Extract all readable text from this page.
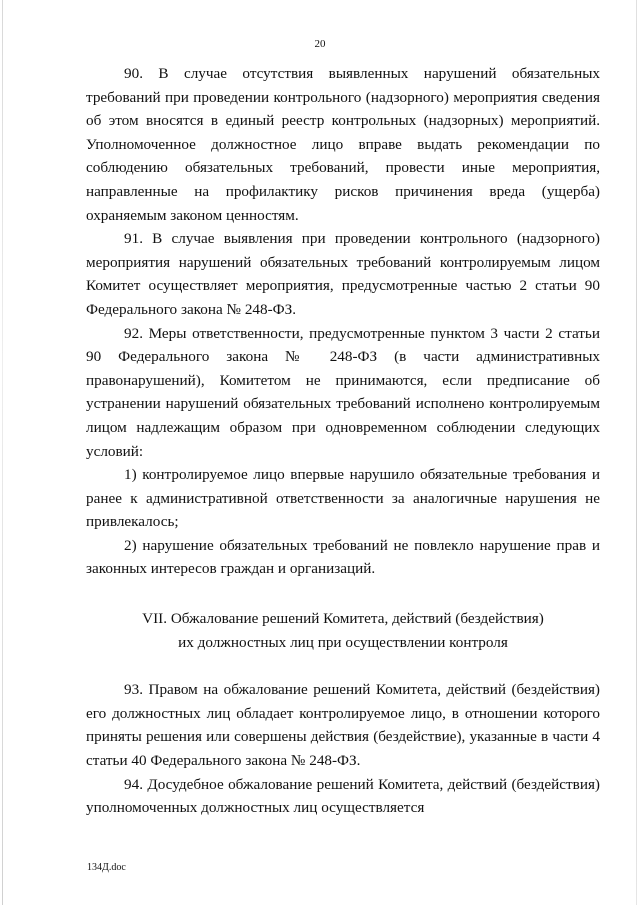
20

90. В случае отсутствия выявленных нарушений обязательных требований при проведении контрольного (надзорного) мероприятия сведения об этом вносятся в единый реестр контрольных (надзорных) мероприятий. Уполномоченное должностное лицо вправе выдать рекомендации по соблюдению обязательных требований, провести иные мероприятия, направленные на профилактику рисков причинения вреда (ущерба) охраняемым законом ценностям.

91. В случае выявления при проведении контрольного (надзорного) мероприятия нарушений обязательных требований контролируемым лицом Комитет осуществляет мероприятия, предусмотренные частью 2 статьи 90 Федерального закона № 248-ФЗ.

92. Меры ответственности, предусмотренные пунктом 3 части 2 статьи 90 Федерального закона № 248-ФЗ (в части административных правонарушений), Комитетом не принимаются, если предписание об устранении нарушений обязательных требований исполнено контролируемым лицом надлежащим образом при одновременном соблюдении следующих условий:

1) контролируемое лицо впервые нарушило обязательные требования и ранее к административной ответственности за аналогичные нарушения не привлекалось;

2) нарушение обязательных требований не повлекло нарушение прав и законных интересов граждан и организаций.

VII. Обжалование решений Комитета, действий (бездействия)
их должностных лиц при осуществлении контроля

93. Правом на обжалование решений Комитета, действий (бездействия) его должностных лиц обладает контролируемое лицо, в отношении которого приняты решения или совершены действия (бездействие), указанные в части 4 статьи 40 Федерального закона № 248-ФЗ.

94. Досудебное обжалование решений Комитета, действий (бездействия) уполномоченных должностных лиц осуществляется

134Д.doc
